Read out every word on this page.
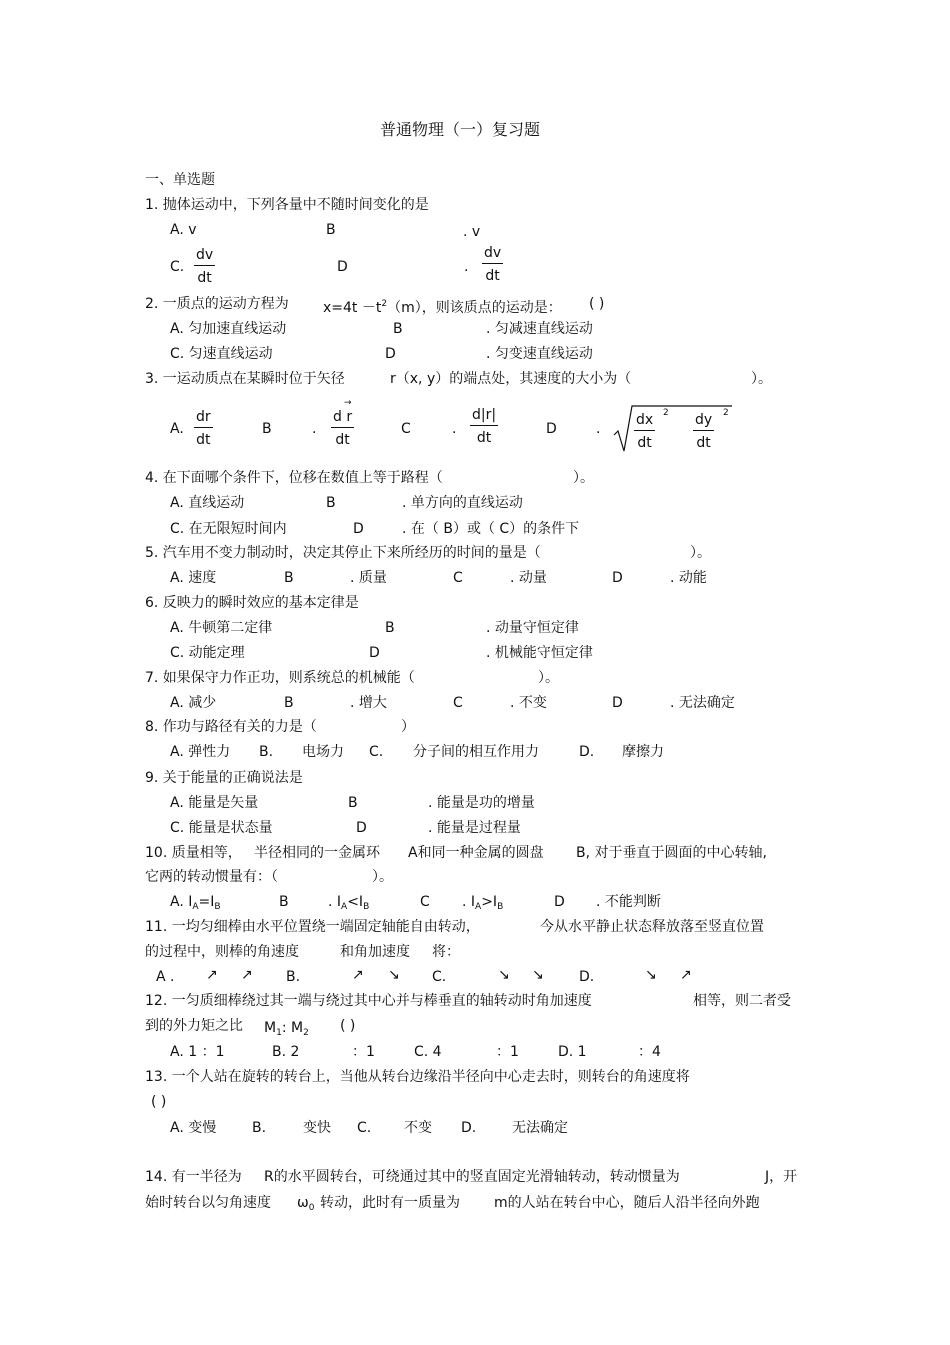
普通物理（一）复习题
一、单选题
1. 抛体运动中，下列各量中不随时间变化的是
A. v	B	. v
C. $\frac{dv}{dt}$	D	. $\frac{dv}{dt}$
2. 一质点的运动方程为 $x=4t -t^2(m)$，则该质点的运动是： ( )
A. 匀加速直线运动	B	. 匀减速直线运动
C. 匀速直线运动	D	. 匀变速直线运动
3. 一运动质点在某瞬时位于矢径	r（x, y）的端点处，其速度的大小为（	）。
A. $\frac{dr}{dt}$	B	.
→
$\frac{\text{d r}}{dt}$	C	. $\frac{d|r|}{dt}$	D	. $\frac{dx}{dt} 2 \frac{dy}{dt} 2$
4. 在下面哪个条件下，位移在数值上等于路程（	）。
A. 直线运动	B	. 单方向的直线运动
C. 在无限短时间内	D	. 在（ B）或（ C）的条件下
5. 汽车用不变力制动时，决定其停止下来所经历的时间的量是（	）。
A. 速度	B	. 质量	C	. 动量	D	. 动能
6. 反映力的瞬时效应的基本定律是
A. 牛顿第二定律	B	. 动量守恒定律
C. 动能定理	D	. 机械能守恒定律
7. 如果保守力作正功，则系统总的机械能（	）。
A. 减少	B	. 增大	C	. 不变	D	. 无法确定
8. 作功与路径有关的力是（	）
A. 弹性力 B. 电场力 C. 分子间的相互作用力	D. 摩擦力
9. 关于能量的正确说法是
A. 能量是矢量	B	. 能量是功的增量
C. 能量是状态量	D	. 能量是过程量
10. 质量相等， 半径相同的一金属环 A和同一种金属的圆盘 B, 对于垂直于圆面的中心转轴,
它两的转动惯量有：（	）。
A. $I_A=I_B$	B	. $I_A<I_B$	C . $I_A>I_B$	D . 不能判断
11. 一均匀细棒由水平位置绕一端固定轴能自由转动，	今从水平静止状态释放落至竖直位置
的过程中，则棒的角速度	和角加速度 将：
A . ↗ ↗ B.	↗ ↘ C.	↘ ↘	D.	↘ ↗
12. 一匀质细棒绕过其一端与绕过其中心并与棒垂直的轴转动时角加速度	相等，则二者受
到的外力矩之比 $M_1$: $M_2$ ( )
A. 1 ：1	B. 2	：1	C. 4	：1	D. 1	：4
13. 一个人站在旋转的转台上，当他从转台边缘沿半径向中心走去时，则转台的角速度将
( )
A. 变慢	B.	变快 C. 不变 D.	无法确定
14. 有一半径为 R的水平圆转台，可绕通过其中的竖直固定光滑轴转动，转动惯量为	J，开
始时转台以匀角速度 $\omega_0$ 转动，此时有一质量为 m的人站在转台中心，随后人沿半径向外跑
